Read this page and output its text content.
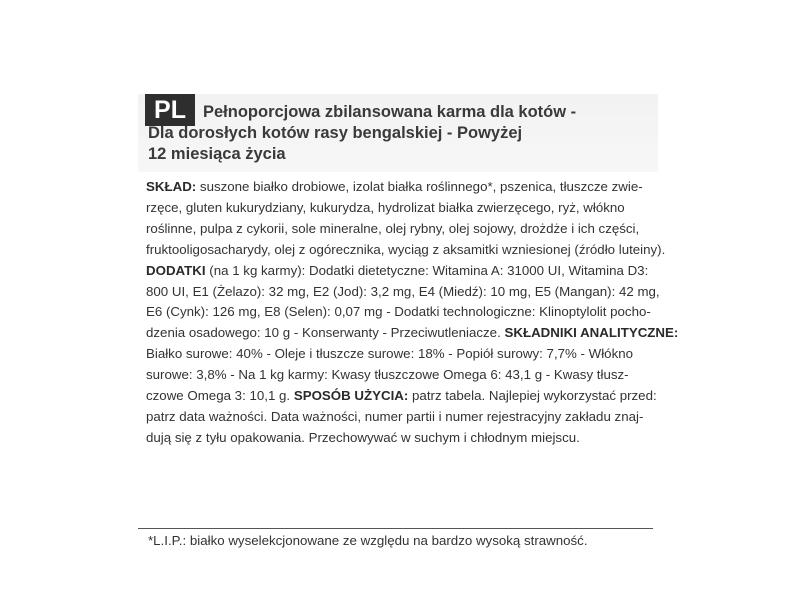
PL	Pełnoporcjowa zbilansowana karma dla kotów -
Dla dorosłych kotów rasy bengalskiej - Powyżej
12 miesiąca życia
SKŁAD: suszone białko drobiowe, izolat białka roślinnego*, pszenica, tłuszcze zwie-
rzęce, gluten kukurydziany, kukurydza, hydrolizat białka zwierzęcego, ryż, włókno
roślinne, pulpa z cykorii, sole mineralne, olej rybny, olej sojowy, drożdże i ich części,
fruktooligosacharydy, olej z ogórecznika, wyciąg z aksamitki wzniesionej (źródło luteiny).
DODATKI (na 1 kg karmy): Dodatki dietetyczne: Witamina A: 31000 UI, Witamina D3:
800 UI, E1 (Żelazo): 32 mg, E2 (Jod): 3,2 mg, E4 (Miedź): 10 mg, E5 (Mangan): 42 mg,
E6 (Cynk): 126 mg, E8 (Selen): 0,07 mg - Dodatki technologiczne: Klinoptylolit pocho-
dzenia osadowego: 10 g - Konserwanty - Przeciwutleniacze. SKŁADNIKI ANALITYCZNE:
Białko surowe: 40% - Oleje i tłuszcze surowe: 18% - Popiół surowy: 7,7% - Włókno
surowe: 3,8% - Na 1 kg karmy: Kwasy tłuszczowe Omega 6: 43,1 g - Kwasy tłusz-
czowe Omega 3: 10,1 g. SPOSÓB UŻYCIA: patrz tabela. Najlepiej wykorzystać przed:
patrz data ważności. Data ważności, numer partii i numer rejestracyjny zakładu znaj-
dują się z tyłu opakowania. Przechowywać w suchym i chłodnym miejscu.
*L.I.P.: białko wyselekcjonowane ze względu na bardzo wysoką strawność.
